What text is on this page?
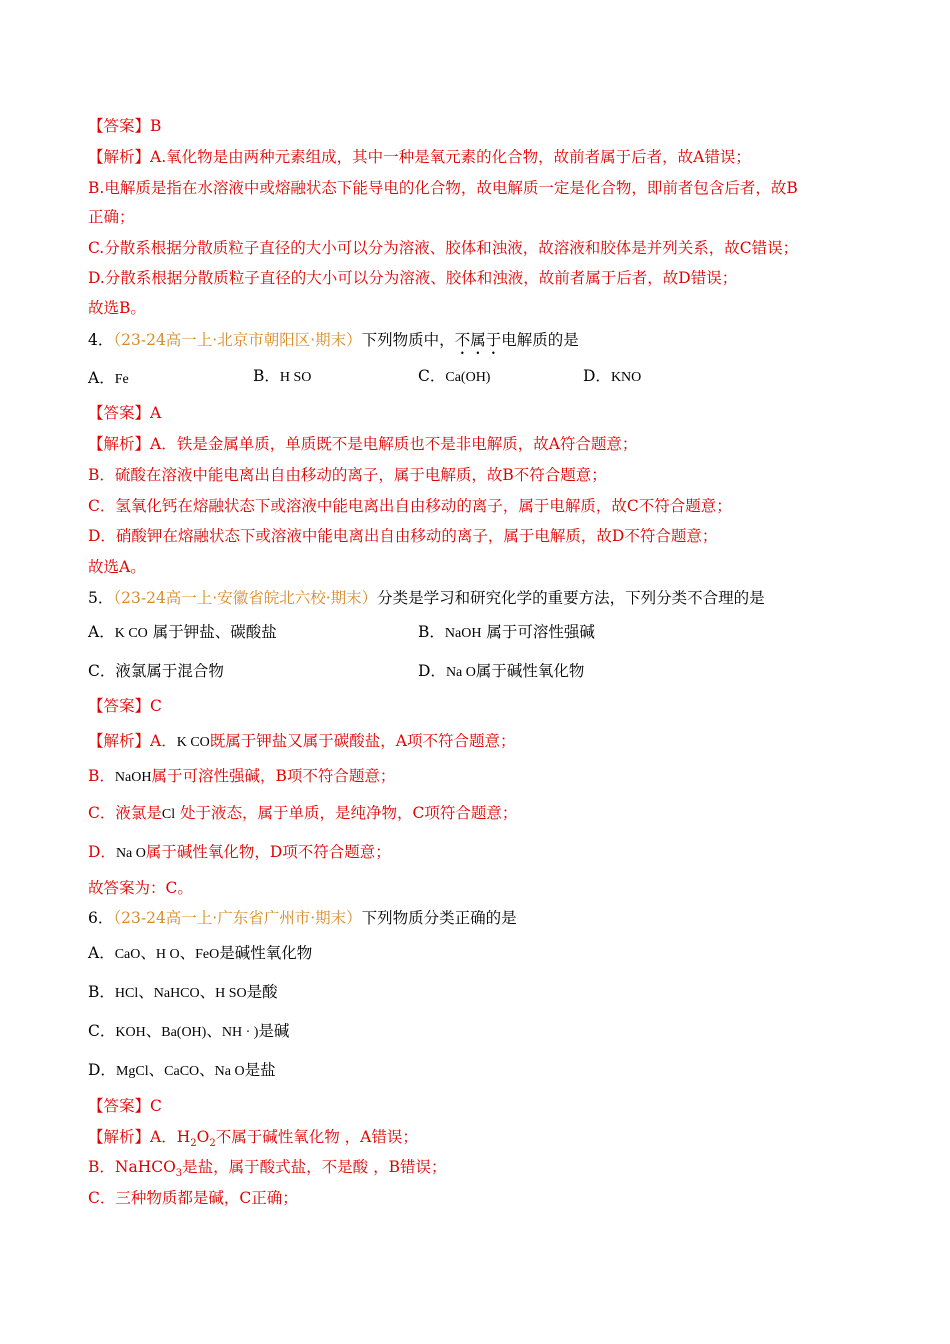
【答案】B
【解析】A.氧化物是由两种元素组成，其中一种是氧元素的化合物，故前者属于后者，故A错误；
B.电解质是指在水溶液中或熔融状态下能导电的化合物，故电解质一定是化合物，即前者包含后者，故B
正确；
C.分散系根据分散质粒子直径的大小可以分为溶液、胶体和浊液，故溶液和胶体是并列关系，故C错误；
D.分散系根据分散质粒子直径的大小可以分为溶液、胶体和浊液，故前者属于后者，故D错误；
故选B。
4．（23-24高一上·北京市朝阳区·期末）下列物质中，不属于电解质的是
A．Fe	B．H SO	C．Ca(OH)	D．KNO
【答案】A
【解析】A．铁是金属单质，单质既不是电解质也不是非电解质，故A符合题意；
B．硫酸在溶液中能电离出自由移动的离子，属于电解质，故B不符合题意；
C．氢氧化钙在熔融状态下或溶液中能电离出自由移动的离子，属于电解质，故C不符合题意；
D．硝酸钾在熔融状态下或溶液中能电离出自由移动的离子，属于电解质，故D不符合题意；
故选A。
5．（23-24高一上·安徽省皖北六校·期末）分类是学习和研究化学的重要方法，下列分类不合理的是
A．K CO 属于钾盐、碳酸盐	B．NaOH 属于可溶性强碱
C．液氯属于混合物	D．Na O属于碱性氧化物
【答案】C
【解析】A．K CO既属于钾盐又属于碳酸盐，A项不符合题意；
B．NaOH属于可溶性强碱，B项不符合题意；
C．液氯是Cl 处于液态，属于单质，是纯净物，C项符合题意；
D．Na O属于碱性氧化物，D项不符合题意；
故答案为：C。
6．（23-24高一上·广东省广州市·期末）下列物质分类正确的是
A．CaO、H O、FeO是碱性氧化物
B．HCl、NaHCO、H SO是酸
C．KOH、Ba(OH)、NH · )是碱
D．MgCl、CaCO、Na O是盐
【答案】C
【解析】A．$H_2O_2$不属于碱性氧化物 ，A错误；
B．NaHCO$_3$是盐，属于酸式盐，不是酸 ，B错误；
C．三种物质都是碱，C正确；
